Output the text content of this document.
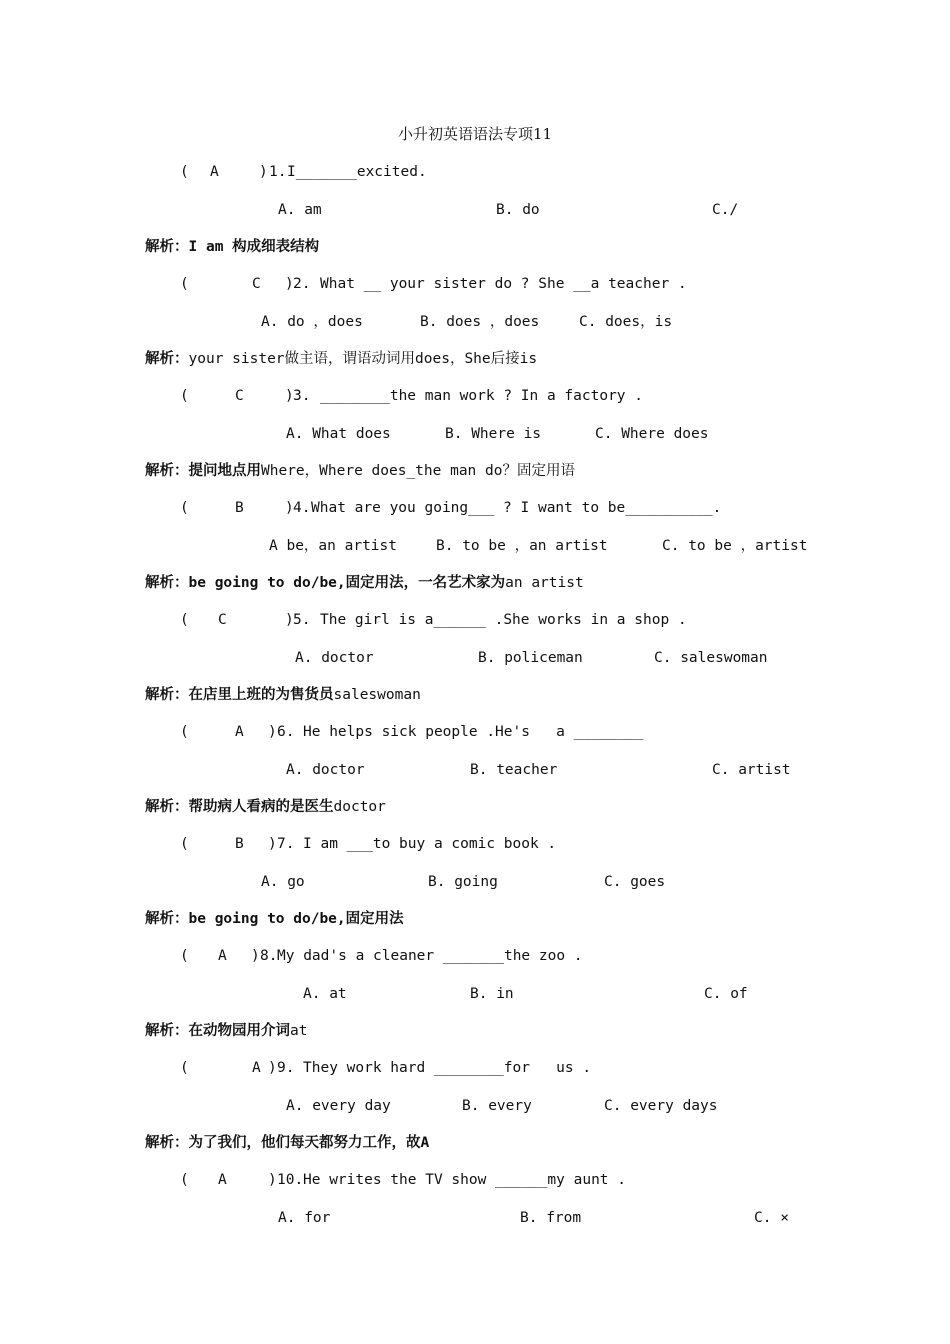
小升初英语语法专项11
( A	) 1. I_______excited.
A. am	B. do	C./
解析：I am 构成细表结构
(	C ) 2. What __ your sister do ? She __a teacher .
A. do ，does	B. does ，does	C. does，is
解析：your sister做主语，谓语动词用does，She后接is
(	C	) 3. ________the man work ? In a factory .
A. What does	B. Where is	C. Where does
解析：提问地点用Where，Where does_the man do？固定用语
(	B	) 4. What are you going___ ? I want to be__________.
A be，an artist	B. to be ，an artist	C. to be ，artist
解析：be going to do/be,固定用法，一名艺术家为an artist
( C	) 5. The girl is a______ .She works in a shop .
A. doctor	B. policeman	C. saleswoman
解析：在店里上班的为售货员saleswoman
(	A ) 6. He helps sick people .He's   a ________
A. doctor	B. teacher	C. artist
解析：帮助病人看病的是医生doctor
(	B ) 7. I am ___to buy a comic book .
A. go	B. going	C. goes
解析：be going to do/be,固定用法
( A ) 8. My dad's a cleaner _______the zoo .
A. at	B. in	C. of
解析：在动物园用介词at
(	A ) 9. They work hard ________for   us .
A. every day	B. every	C. every days
解析：为了我们，他们每天都努力工作，故A
( A	) 10. He writes the TV show ______my aunt .
A. for	B. from	C. ×
